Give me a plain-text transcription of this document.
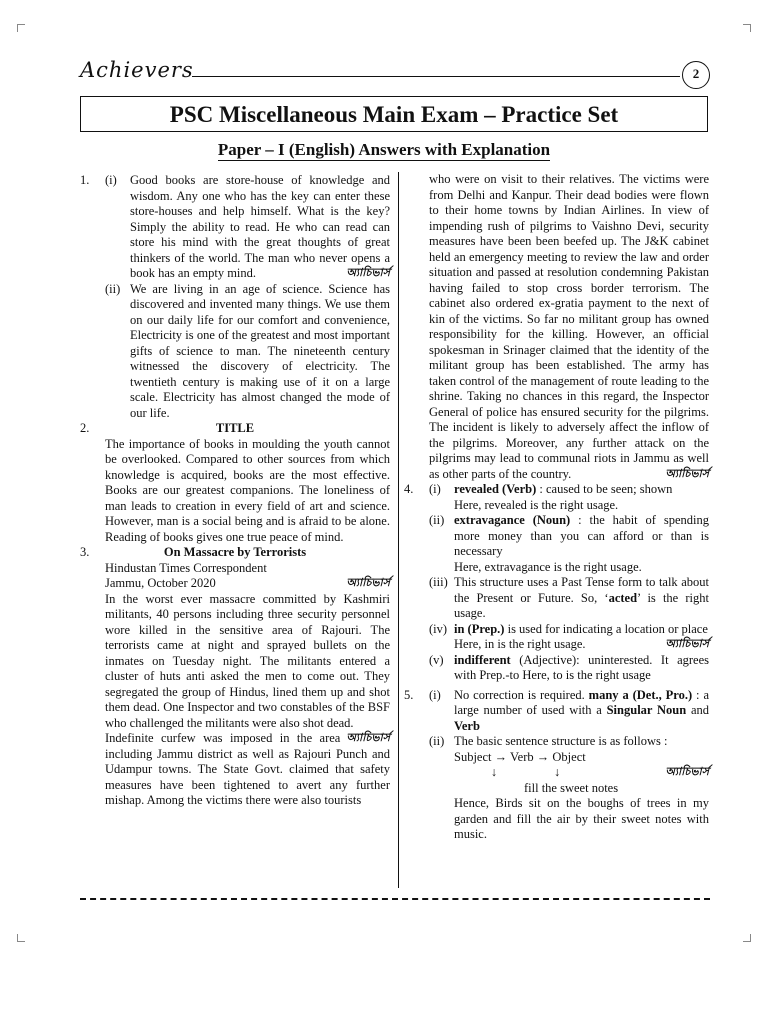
Achievers	2
PSC Miscellaneous Main Exam – Practice Set
Paper – I (English) Answers with Explanation
1. (i) Good books are store-house of knowledge and wisdom. Any one who has the key can enter these store-houses and help himself. What is the key? Simply the ability to read. He who can read can store his mind with the great thoughts of great thinkers of the world. The man who never opens a book has an empty mind.	অ্যাচিভার্স
(ii) We are living in an age of science. Science has discovered and invented many things. We use them on our daily life for our comfort and convenience, Electricity is one of the greatest and most important gifts of science to man. The nineteenth century witnessed the discovery of electricity. The twentieth century is making use of it on a large scale. Electricity has almost changed the mode of our life.
2.	TITLE
The importance of books in moulding the youth cannot be overlooked. Compared to other sources from which knowledge is acquired, books are the most effective. Books are our greatest companions. The loneliness of man leads to creation in every field of art and science. However, man is a social being and is afraid to be alone. Reading of books gives one true peace of mind.
3.	On Massacre by Terrorists
Hindustan Times Correspondent
Jammu, October 2020	অ্যাচিভার্স
In the worst ever massacre committed by Kashmiri militants, 40 persons including three security personnel wore killed in the sensitive area of Rajouri. The terrorists came at night and sprayed bullets on the inmates on Tuesday night. The militants entered a cluster of huts anti asked the men to come out. They segregated the group of Hindus, lined them up and shot them dead. One Inspector and two constables of the BSF who challenged the militants were also shot dead.
অ্যাচিভার্স
Indefinite curfew was imposed in the area including Jammu district as well as Rajouri Punch and Udampur towns. The State Govt. claimed that safety measures have been tightened to avert any further mishap. Among the victims there were also tourists
who were on visit to their relatives. The victims were from Delhi and Kanpur. Their dead bodies were flown to their home towns by Indian Airlines. In view of impending rush of pilgrims to Vaishno Devi, security measures have been been beefed up. The J&K cabinet held an emergency meeting to review the law and order situation and passed at resolution condemning Pakistan having failed to stop cross border terrorism. The cabinet also ordered ex-gratia payment to the next of kin of the victims. So far no militant group has owned responsibility for the killing. However, an official spokesman in Srinager claimed that the identity of the militant group has been established. The army has taken control of the management of route leading to the shrine. Taking no chances in this regard, the Inspector General of police has ensured security for the pilgrims. The incident is likely to adversely affect the inflow of the pilgrims. Moreover, any further attack on the pilgrims may lead to communal riots in Jammu as well as other parts of the country.	অ্যাচিভার্স
4. (i) revealed (Verb) : caused to be seen; shown
Here, revealed is the right usage.
(ii) extravagance (Noun) : the habit of spending more money than you can afford or than is necessary
Here, extravagance is the right usage.
(iii) This structure uses a Past Tense form to talk about the Present or Future. So, ‘acted’ is the right usage.
(iv) in (Prep.) is used for indicating a location or place
Here, in is the right usage.	অ্যাচিভার্স
(v) indifferent (Adjective): uninterested. It agrees with Prep.-to Here, to is the right usage
5. (i) No correction is required. many a (Det., Pro.) : a large number of used with a Singular Noun and Verb
(ii) The basic sentence structure is as follows :
Subject → Verb → Object
↓	↓	অ্যাচিভার্স
fill the sweet notes
Hence, Birds sit on the boughs of trees in my garden and fill the air by their sweet notes with music.
